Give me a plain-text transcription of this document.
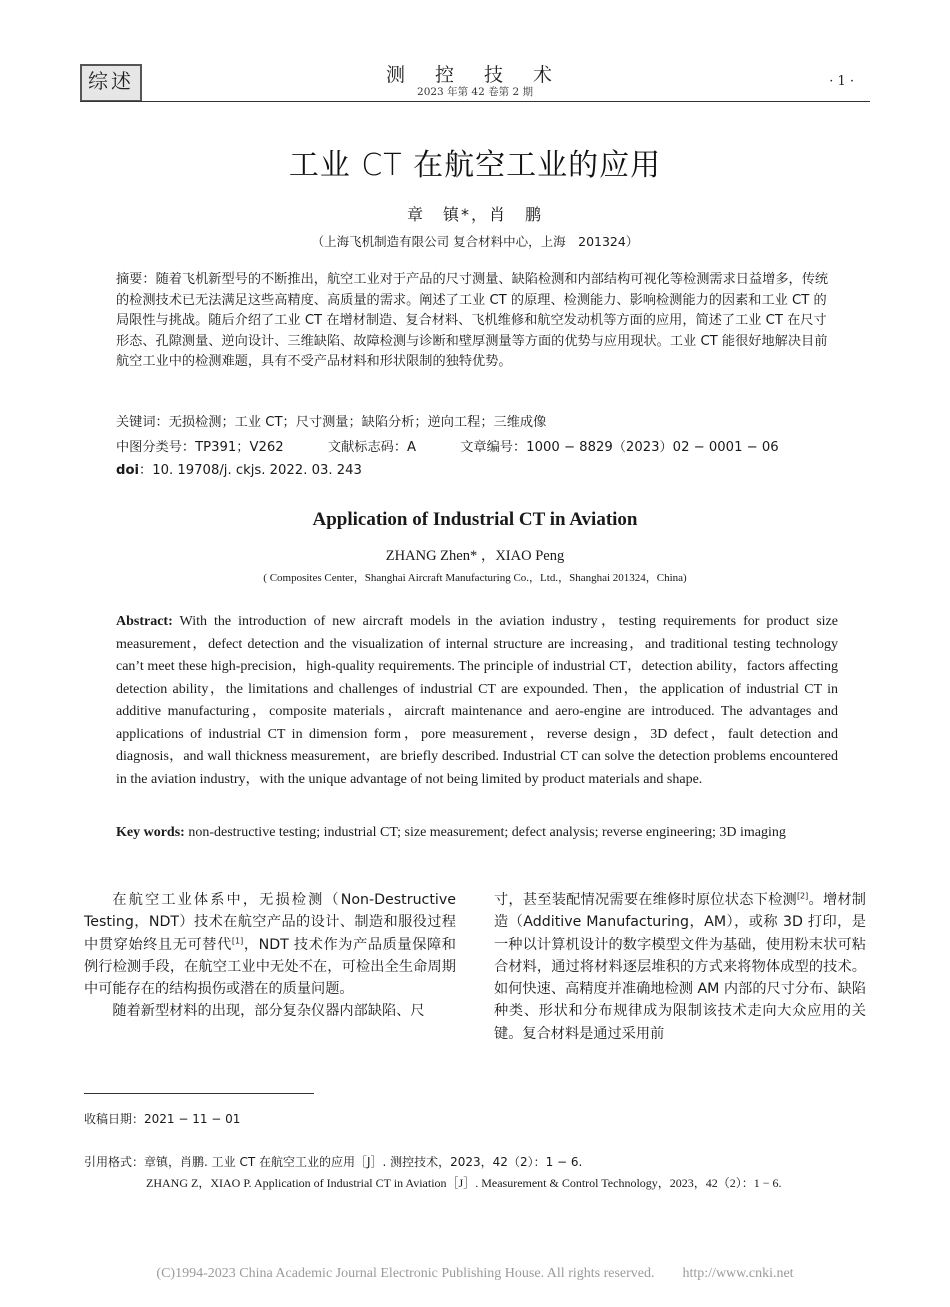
综述	测 控 技 术
2023 年第 42 卷第 2 期
· 1 ·
工业 CT 在航空工业的应用
章　镇*，肖　鹏
（上海飞机制造有限公司 复合材料中心，上海　201324）
摘要：随着飞机新型号的不断推出，航空工业对于产品的尺寸测量、缺陷检测和内部结构可视化等检测需求日益增多，传统的检测技术已无法满足这些高精度、高质量的需求。阐述了工业 CT 的原理、检测能力、影响检测能力的因素和工业 CT 的局限性与挑战。随后介绍了工业 CT 在增材制造、复合材料、飞机维修和航空发动机等方面的应用，简述了工业 CT 在尺寸形态、孔隙测量、逆向设计、三维缺陷、故障检测与诊断和壁厚测量等方面的优势与应用现状。工业 CT 能很好地解决目前航空工业中的检测难题，具有不受产品材料和形状限制的独特优势。
关键词：无损检测；工业 CT；尺寸测量；缺陷分析；逆向工程；三维成像
中图分类号：TP391；V262	文献标志码：A	文章编号：1000 − 8829（2023）02 − 0001 − 06
doi：10. 19708/j. ckjs. 2022. 03. 243
Application of Industrial CT in Aviation
ZHANG Zhen* ，XIAO Peng
( Composites Center，Shanghai Aircraft Manufacturing Co.，Ltd.，Shanghai 201324，China)
Abstract: With the introduction of new aircraft models in the aviation industry，testing requirements for product size measurement，defect detection and the visualization of internal structure are increasing，and traditional testing technology can’t meet these high-precision，high-quality requirements. The principle of industrial CT，detection ability，factors affecting detection ability，the limitations and challenges of industrial CT are expounded. Then，the application of industrial CT in additive manufacturing，composite materials，aircraft maintenance and aero-engine are introduced. The advantages and applications of industrial CT in dimension form，pore measurement，reverse design，3D defect，fault detection and diagnosis，and wall thickness measurement，are briefly described. Industrial CT can solve the detection problems encountered in the aviation industry，with the unique advantage of not being limited by product materials and shape.
Key words: non-destructive testing; industrial CT; size measurement; defect analysis; reverse engineering; 3D imaging

在航空工业体系中，无损检测（Non-Destructive Testing，NDT）技术在航空产品的设计、制造和服役过程中贯穿始终且无可替代[1]，NDT 技术作为产品质量保障和例行检测手段，在航空工业中无处不在，可检出全生命周期中可能存在的结构损伤或潜在的质量问题。

随着新型材料的出现，部分复杂仪器内部缺陷、尺

寸，甚至装配情况需要在维修时原位状态下检测[2]。增材制造（Additive Manufacturing，AM），或称 3D 打印，是一种以计算机设计的数字模型文件为基础，使用粉末状可粘合材料，通过将材料逐层堆积的方式来将物体成型的技术。如何快速、高精度并准确地检测 AM 内部的尺寸分布、缺陷种类、形状和分布规律成为限制该技术走向大众应用的关键。复合材料是通过采用前

收稿日期：2021 − 11 − 01
引用格式：章镇，肖鹏. 工业 CT 在航空工业的应用［J］. 测控技术，2023，42（2）：1 − 6.
ZHANG Z，XIAO P. Application of Industrial CT in Aviation［J］. Measurement & Control Technology，2023，42（2）：1 − 6.
(C)1994-2023 China Academic Journal Electronic Publishing House. All rights reserved.　　http://www.cnki.net
